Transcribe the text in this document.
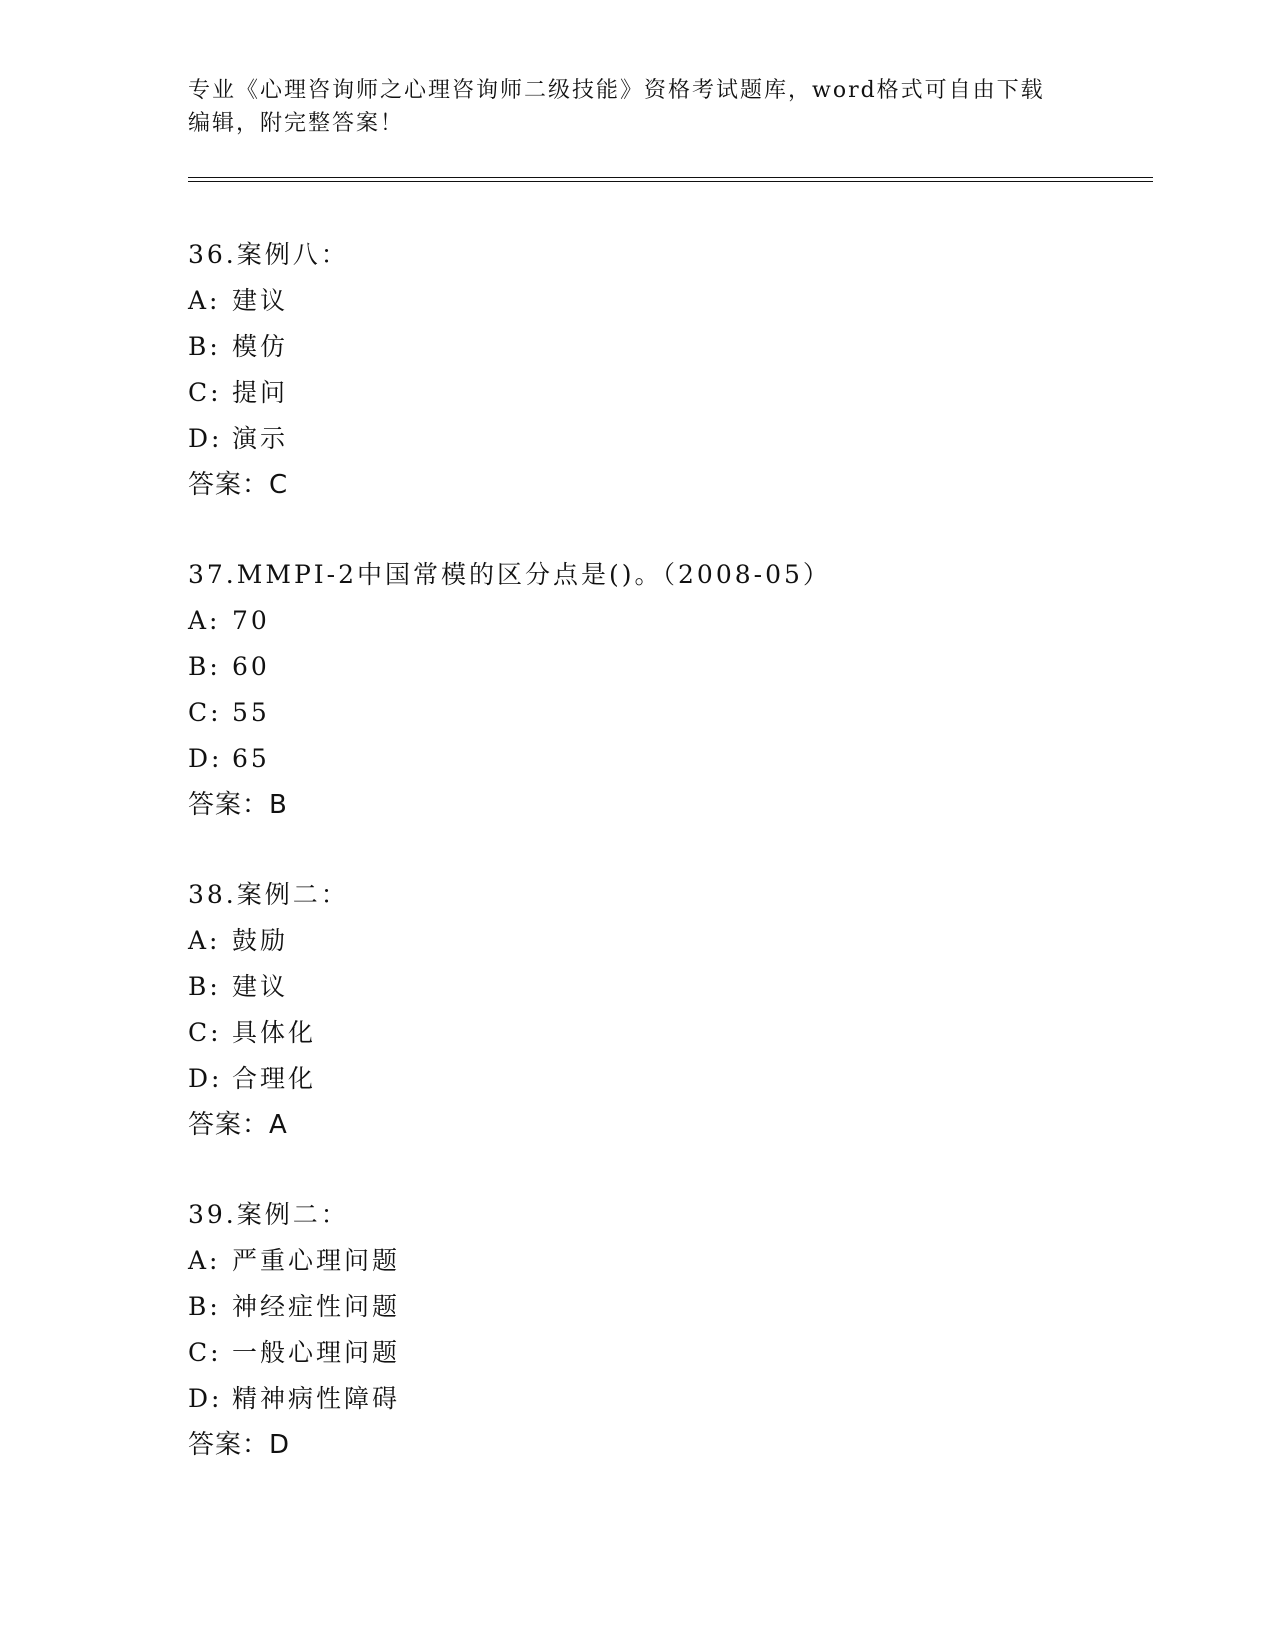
专业《心理咨询师之心理咨询师二级技能》资格考试题库，word格式可自由下载
编辑，附完整答案！
36.案例八：
A: 建议
B: 模仿
C: 提问
D: 演示
答案：C
37.MMPI-2中国常模的区分点是()。（2008-05）
A: 70
B: 60
C: 55
D: 65
答案：B
38.案例二：
A: 鼓励
B: 建议
C: 具体化
D: 合理化
答案：A
39.案例二：
A: 严重心理问题
B: 神经症性问题
C: 一般心理问题
D: 精神病性障碍
答案：D
